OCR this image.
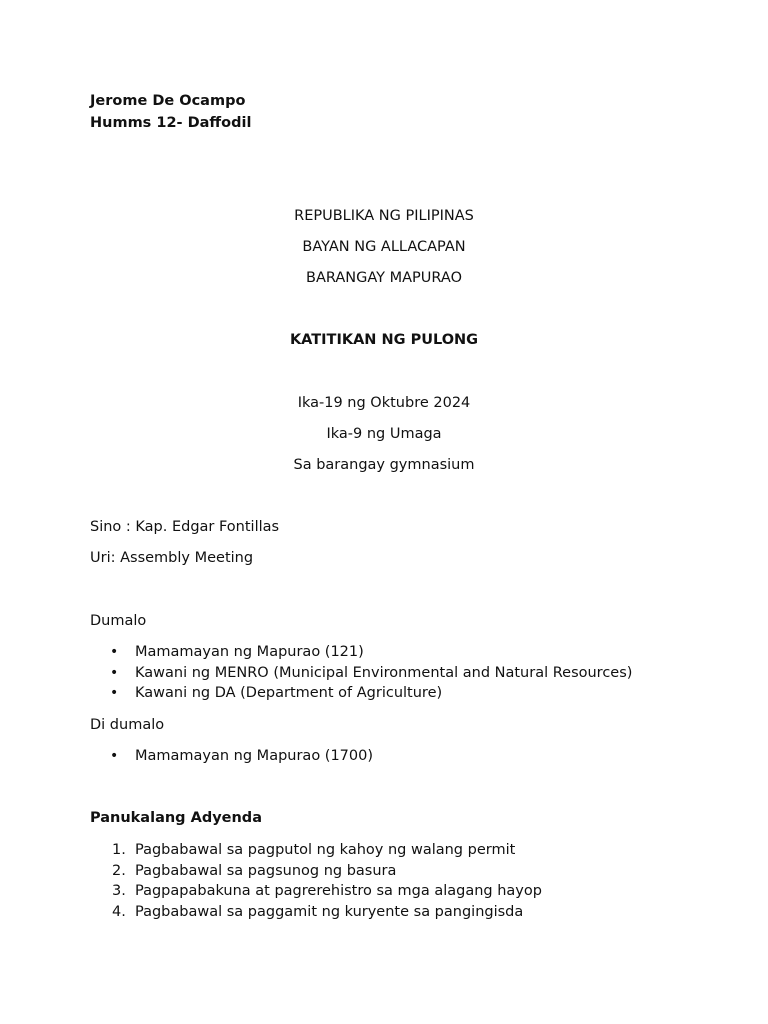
Jerome De Ocampo
Humms 12- Daffodil
REPUBLIKA NG PILIPINAS
BAYAN NG ALLACAPAN
BARANGAY MAPURAO
KATITIKAN NG PULONG
Ika-19 ng Oktubre 2024
Ika-9 ng Umaga
Sa barangay gymnasium
Sino : Kap. Edgar Fontillas
Uri: Assembly Meeting
Dumalo
• Mamamayan ng Mapurao (121)
• Kawani ng MENRO (Municipal Environmental and Natural Resources)
• Kawani ng DA (Department of Agriculture)
Di dumalo
• Mamamayan ng Mapurao (1700)
Panukalang Adyenda
1. Pagbabawal sa pagputol ng kahoy ng walang permit
2. Pagbabawal sa pagsunog ng basura
3. Pagpapabakuna at pagrerehistro sa mga alagang hayop
4. Pagbabawal sa paggamit ng kuryente sa pangingisda
